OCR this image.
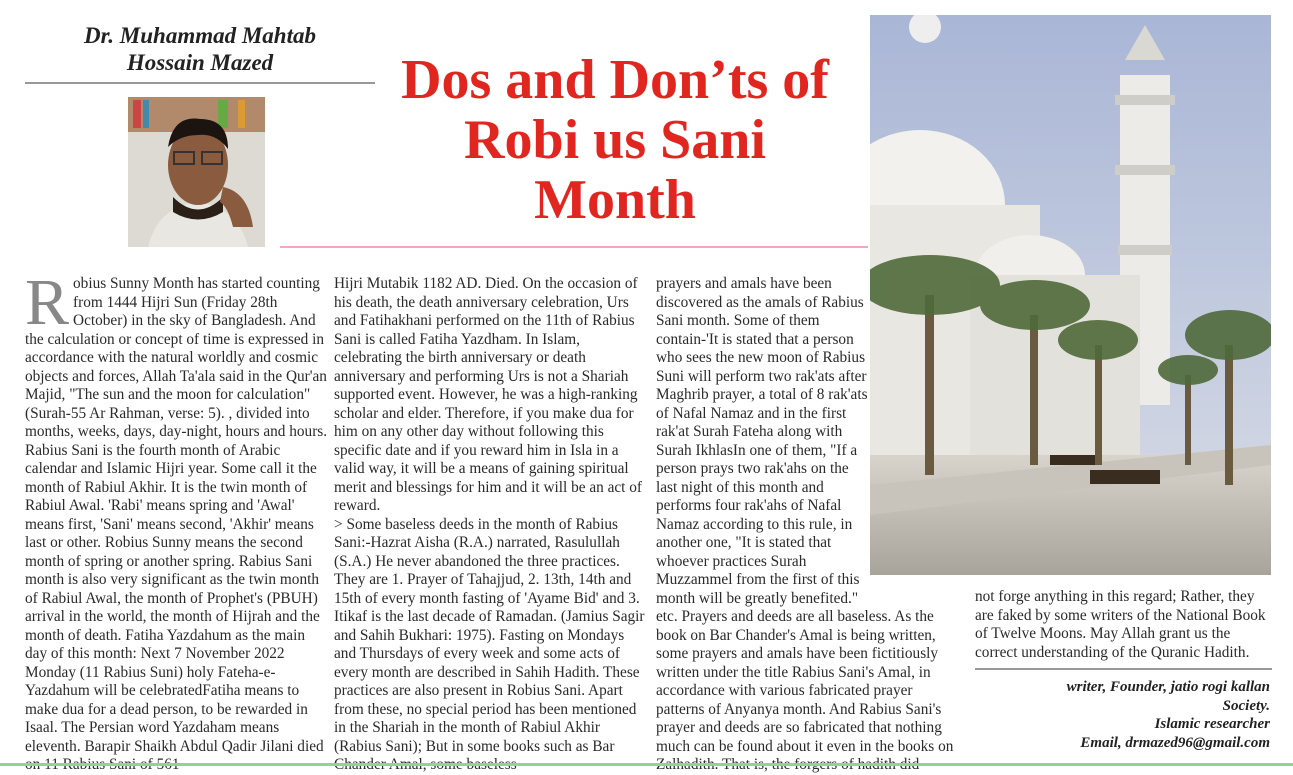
Dr. Muhammad Mahtab
Hossain Mazed	Dos and Don’ts of Robi us Sani Month
Robius Sunny Month has started counting from 1444 Hijri Sun (Friday 28th October) in the sky of Bangladesh. And the calculation or concept of time is expressed in accordance with the natural worldly and cosmic objects and forces, Allah Ta'ala said in the Qur'an Majid, "The sun and the moon for calculation" (Surah-55 Ar Rahman, verse: 5). , divided into months, weeks, days, day-night, hours and hours. Rabius Sani is the fourth month of Arabic calendar and Islamic Hijri year. Some call it the month of Rabiul Akhir. It is the twin month of Rabiul Awal. 'Rabi' means spring and 'Awal' means first, 'Sani' means second, 'Akhir' means last or other. Robius Sunny means the second month of spring or another spring. Rabius Sani month is also very significant as the twin month of Rabiul Awal, the month of Prophet's (PBUH) arrival in the world, the month of Hijrah and the month of death. Fatiha Yazdahum as the main day of this month: Next 7 November 2022 Monday (11 Rabius Suni) holy Fateha-e-Yazdahum will be celebratedFatiha means to make dua for a dead person, to be rewarded in Isaal. The Persian word Yazdaham means eleventh. Barapir Shaikh Abdul Qadir Jilani died
Hijri Mutabik 1182 AD. Died. On the occasion of his death, the death anniversary celebration, Urs and Fatihakhani performed on the 11th of Rabius Sani is called Fatiha Yazdham. In Islam, celebrating the birth anniversary or death anniversary and performing Urs is not a Shariah supported event. However, he was a high-ranking scholar and elder. Therefore, if you make dua for him on any other day without following this specific date and if you reward him in Isla in a valid way, it will be a means of gaining spiritual merit and blessings for him and it will be an act of reward.
> Some baseless deeds in the month of Rabius Sani:-Hazrat Aisha (R.A.) narrated, Rasulullah (S.A.) He never abandoned the three practices. They are 1. Prayer of Tahajjud, 2. 13th, 14th and 15th of every month fasting of 'Ayame Bid' and 3. Itikaf is the last decade of Ramadan. (Jamius Sagir and Sahih Bukhari: 1975). Fasting on Mondays and Thursdays of every week and some acts of every month are described in Sahih Hadith. These practices are also present in Robius Sani. Apart from these, no special period has been mentioned in the Shariah in the month of Rabiul Akhir (Rabius Sani); But in some books such as Bar
prayers and amals have been discovered as the amals of Rabius Sani month. Some of them contain-'It is stated that a person who sees the new moon of Rabius Suni will perform two rak'ats after Maghrib prayer, a total of 8 rak'ats of Nafal Namaz and in the first rak'at Surah Fateha along with Surah IkhlasIn one of them, "If a person prays two rak'ahs on the last night of this month and performs four rak'ahs of Nafal Namaz according to this rule, in another one, "It is stated that whoever practices Surah Muzzammel from the first of this month will be greatly benefited."
etc. Prayers and deeds are all baseless. As the book on Bar Chander's Amal is being written, some prayers and amals have been fictitiously written under the title Rabius Sani's Amal, in accordance with various fabricated prayer patterns of Anyanya month. And Rabius Sani's prayer and deeds are so fabricated that nothing much can be found about it even in the books on
not forge anything in this regard; Rather, they are faked by some writers of the National Book of Twelve Moons. May Allah grant us the correct understanding of the Quranic Hadith.
writer, Founder, jatio rogi kallan
Society.
Islamic researcher
Email, drmazed96@gmail.com
